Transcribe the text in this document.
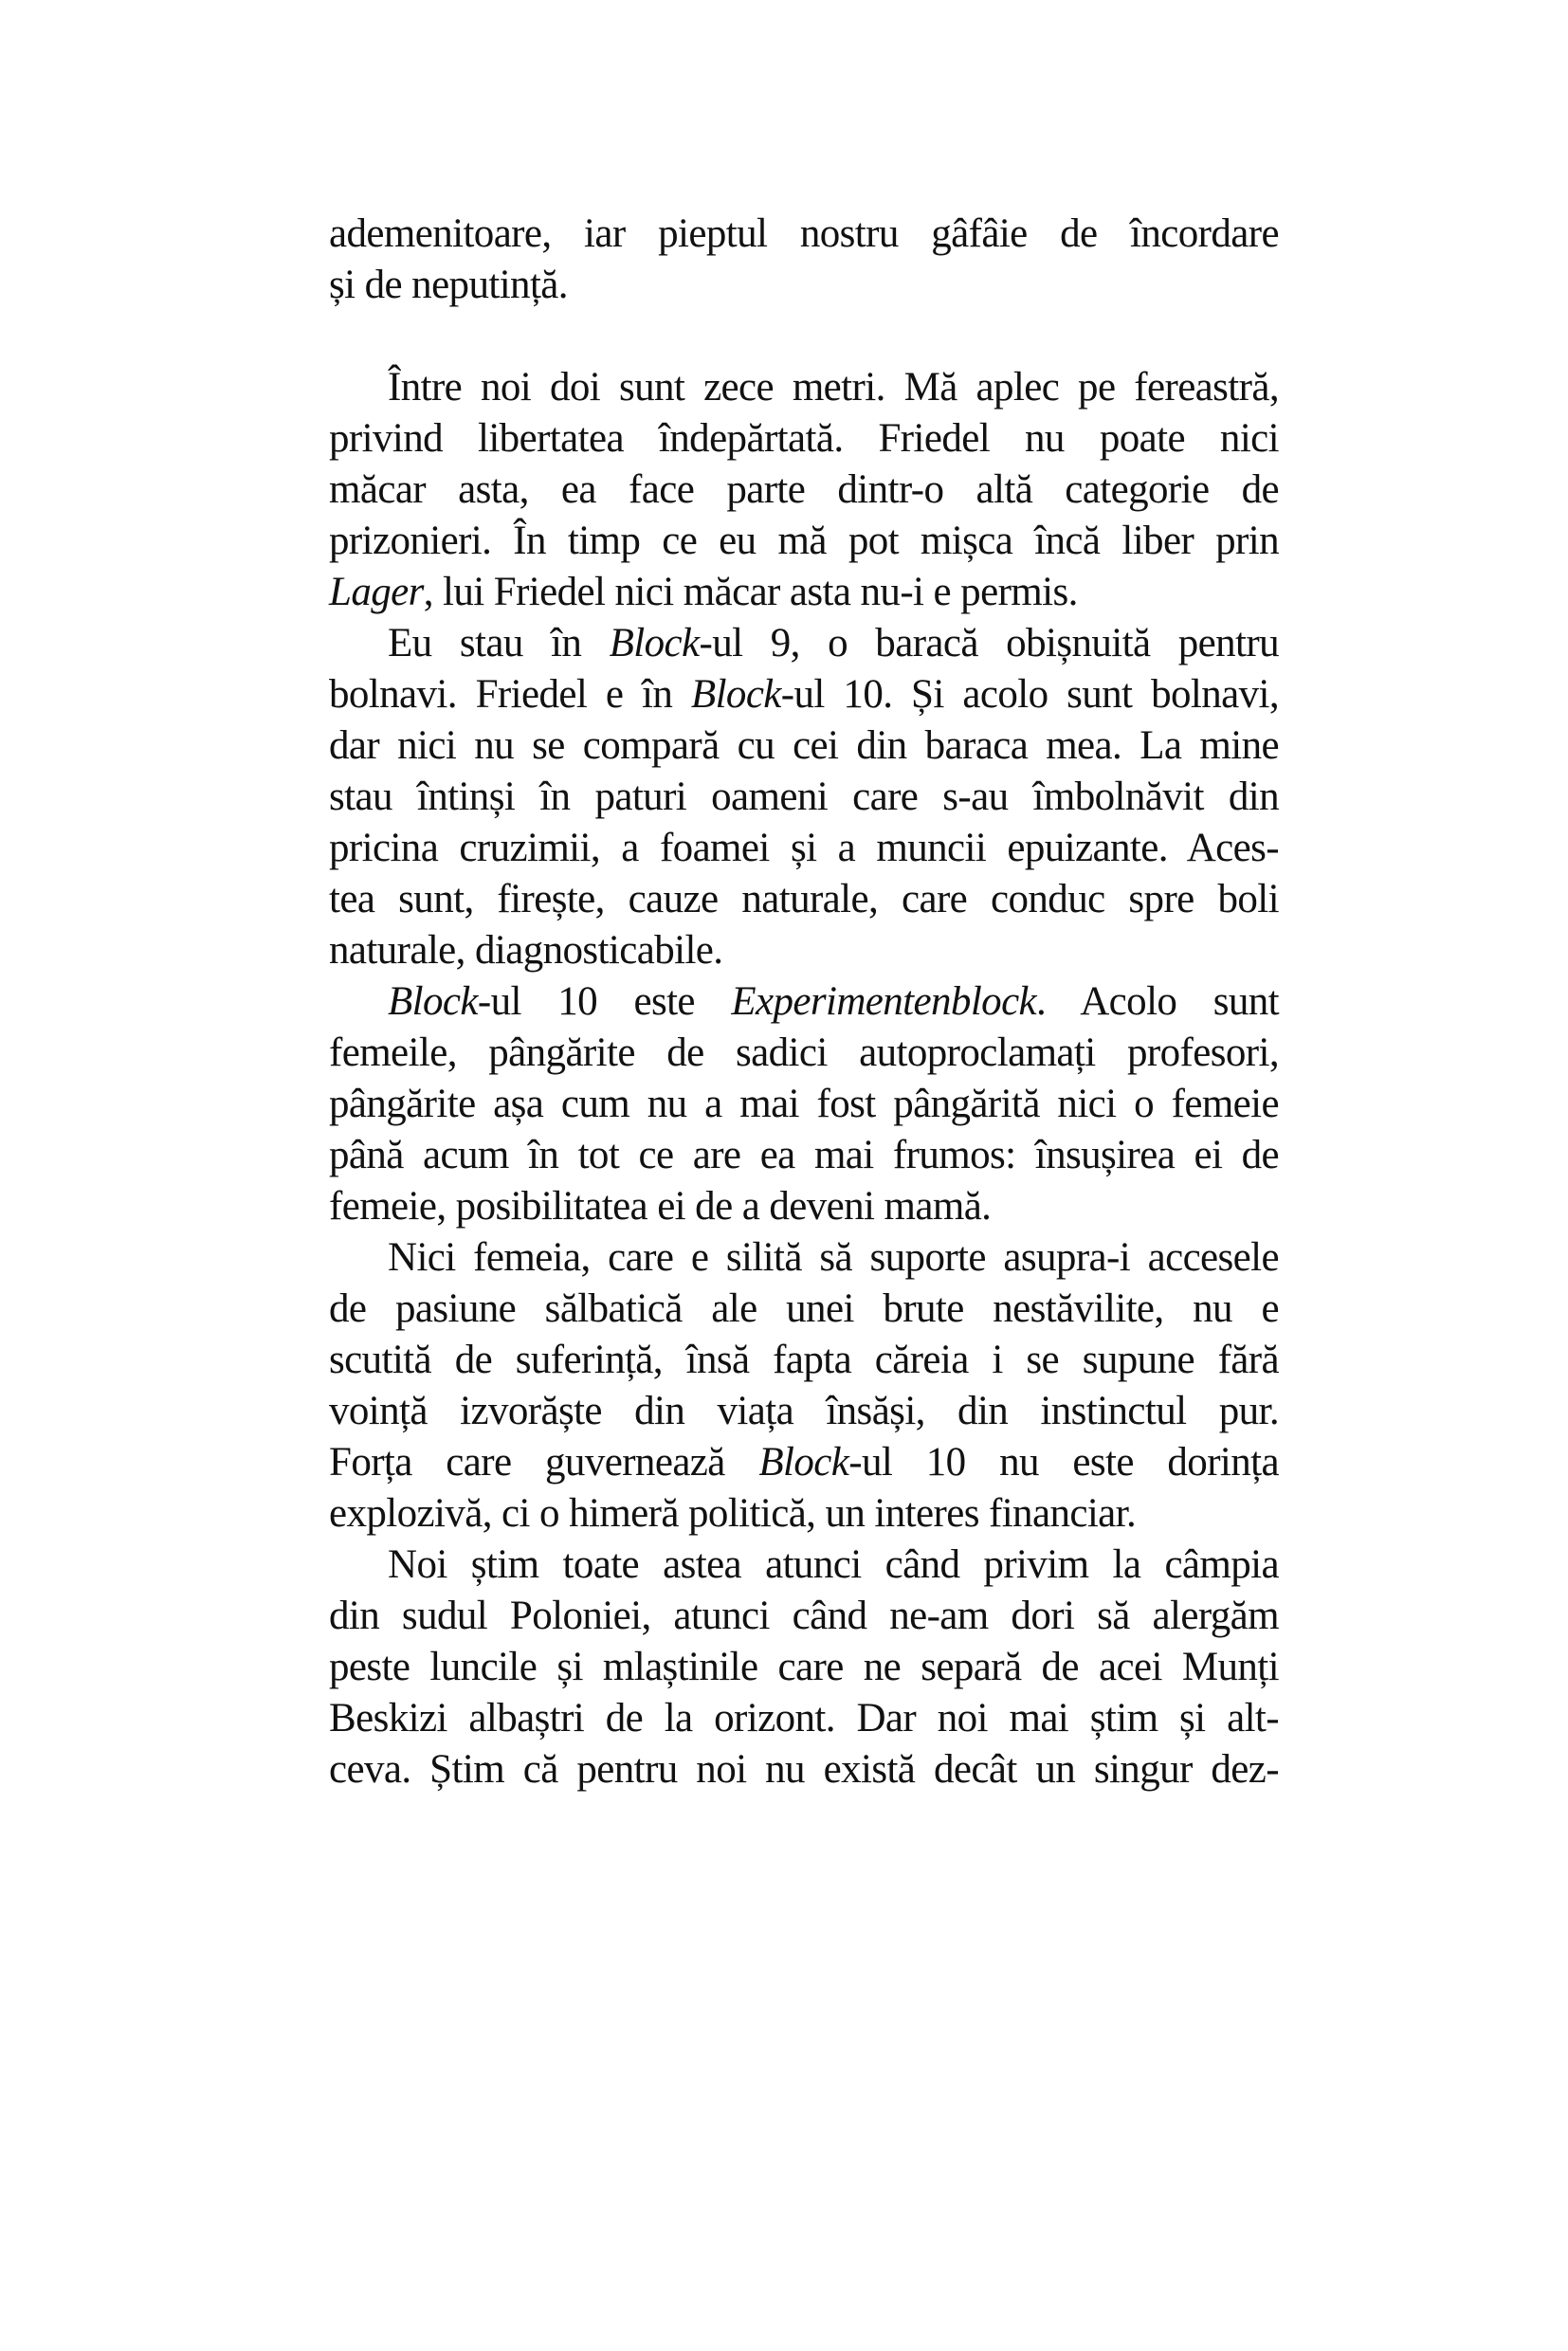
ademenitoare, iar pieptul nostru gâfâie de încordare
și de neputință.
Între noi doi sunt zece metri. Mă aplec pe fereastră,
privind libertatea îndepărtată. Friedel nu poate nici
măcar asta, ea face parte dintr-o altă categorie de
prizonieri. În timp ce eu mă pot mișca încă liber prin
Lager, lui Friedel nici măcar asta nu-i e permis.
Eu stau în Block-ul 9, o baracă obișnuită pentru
bolnavi. Friedel e în Block-ul 10. Și acolo sunt bolnavi,
dar nici nu se compară cu cei din baraca mea. La mine
stau întinși în paturi oameni care s-au îmbolnăvit din
pricina cruzimii, a foamei și a muncii epuizante. Aces-
tea sunt, firește, cauze naturale, care conduc spre boli
naturale, diagnosticabile.
Block-ul 10 este Experimentenblock. Acolo sunt
femeile, pângărite de sadici autoproclamați profesori,
pângărite așa cum nu a mai fost pângărită nici o femeie
până acum în tot ce are ea mai frumos: însușirea ei de
femeie, posibilitatea ei de a deveni mamă.
Nici femeia, care e silită să suporte asupra-i accesele
de pasiune sălbatică ale unei brute nestăvilite, nu e
scutită de suferință, însă fapta căreia i se supune fără
voință izvorăște din viața însăși, din instinctul pur.
Forța care guvernează Block-ul 10 nu este dorința
explozivă, ci o himeră politică, un interes financiar.
Noi știm toate astea atunci când privim la câmpia
din sudul Poloniei, atunci când ne-am dori să alergăm
peste luncile și mlaștinile care ne separă de acei Munți
Beskizi albaștri de la orizont. Dar noi mai știm și alt-
ceva. Știm că pentru noi nu există decât un singur dez-
